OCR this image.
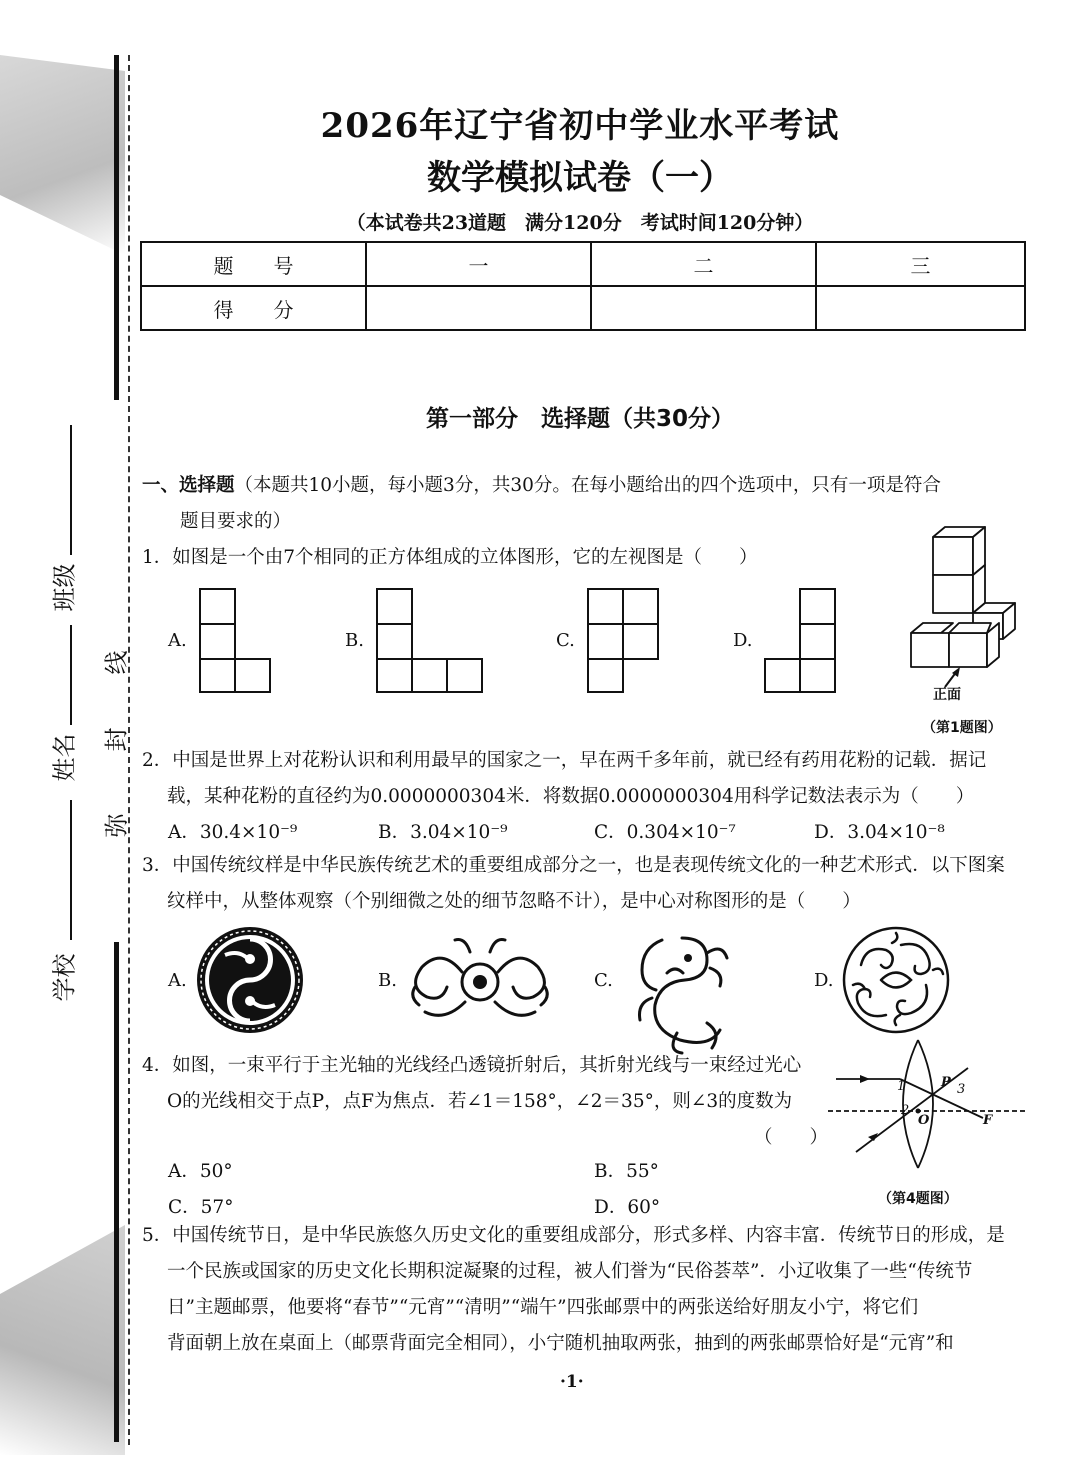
班级
姓名
学校
线
封
弥
2026年辽宁省初中学业水平考试
数学模拟试卷（一）
（本试卷共23道题　满分120分　考试时间120分钟）
题　　号	一	二	三
得　　分			
第一部分　选择题（共30分）
一、选择题（本题共10小题，每小题3分，共30分。在每小题给出的四个选项中，只有一项是符合
题目要求的）
1．如图是一个由7个相同的正方体组成的立体图形，它的左视图是（　　）
A.	B.	C.	D.
正面
（第1题图）
2．中国是世界上对花粉认识和利用最早的国家之一，早在两千多年前，就已经有药用花粉的记载．据记
载，某种花粉的直径约为0.0000000304米．将数据0.0000000304用科学记数法表示为（　　）
A．30.4×10⁻⁹	B．3.04×10⁻⁹	C．0.304×10⁻⁷	D．3.04×10⁻⁸
3．中国传统纹样是中华民族传统艺术的重要组成部分之一，也是表现传统文化的一种艺术形式．以下图案
纹样中，从整体观察（个别细微之处的细节忽略不计），是中心对称图形的是（　　）
A.	B.	C.	D.
4．如图，一束平行于主光轴的光线经凸透镜折射后，其折射光线与一束经过光心
O的光线相交于点P，点F为焦点．若∠1＝158°，∠2＝35°，则∠3的度数为
（　　）
A．50°	B．55°
C．57°	D．60°
1
2
3
P
O	F
（第4题图）
5．中国传统节日，是中华民族悠久历史文化的重要组成部分，形式多样、内容丰富．传统节日的形成，是
一个民族或国家的历史文化长期积淀凝聚的过程，被人们誉为“民俗荟萃”．小辽收集了一些“传统节
日”主题邮票，他要将“春节”“元宵”“清明”“端午”四张邮票中的两张送给好朋友小宁，将它们
背面朝上放在桌面上（邮票背面完全相同），小宁随机抽取两张，抽到的两张邮票恰好是“元宵”和
·1·
